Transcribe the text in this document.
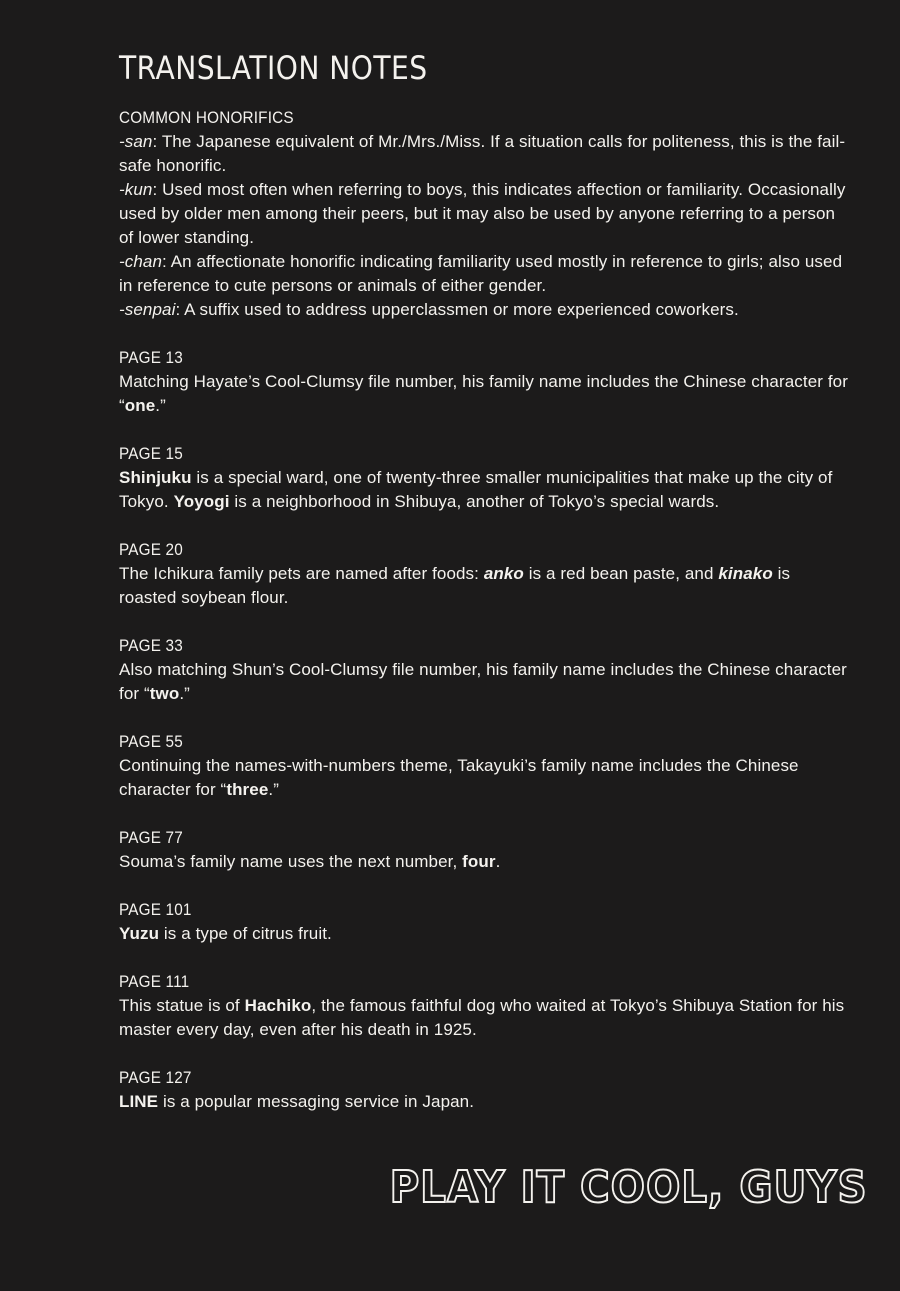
TRANSLATION NOTES
COMMON HONORIFICS

-san: The Japanese equivalent of Mr./Mrs./Miss. If a situation calls for politeness, this is the fail-safe honorific.

-kun: Used most often when referring to boys, this indicates affection or familiarity. Occasionally used by older men among their peers, but it may also be used by anyone referring to a person of lower standing.

-chan: An affectionate honorific indicating familiarity used mostly in reference to girls; also used in reference to cute persons or animals of either gender.

-senpai: A suffix used to address upperclassmen or more experienced coworkers.

PAGE 13

Matching Hayate’s Cool-Clumsy file number, his family name includes the Chinese character for “one.”

PAGE 15

Shinjuku is a special ward, one of twenty-three smaller municipalities that make up the city of Tokyo. Yoyogi is a neighborhood in Shibuya, another of Tokyo’s special wards.

PAGE 20

The Ichikura family pets are named after foods: anko is a red bean paste, and kinako is roasted soybean flour.

PAGE 33

Also matching Shun’s Cool-Clumsy file number, his family name includes the Chinese character for “two.”

PAGE 55

Continuing the names-with-numbers theme, Takayuki’s family name includes the Chinese character for “three.”

PAGE 77

Souma’s family name uses the next number, four.

PAGE 101

Yuzu is a type of citrus fruit.

PAGE 111

This statue is of Hachiko, the famous faithful dog who waited at Tokyo’s Shibuya Station for his master every day, even after his death in 1925.

PAGE 127

LINE is a popular messaging service in Japan.

PLAY IT COOL, GUYS
